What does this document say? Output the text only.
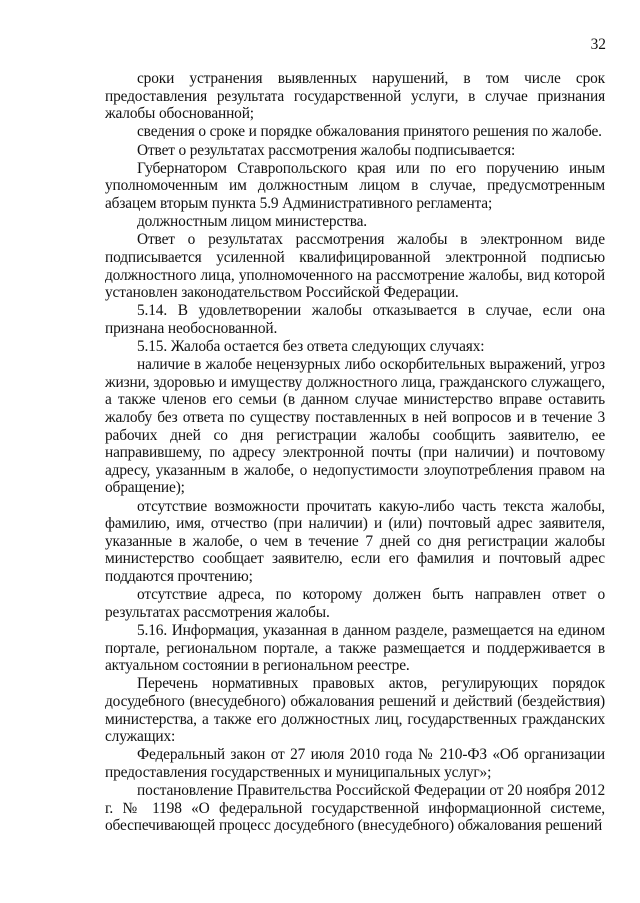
32

сроки устранения выявленных нарушений, в том числе срок предоставления результата государственной услуги, в случае признания жалобы обоснованной;

сведения о сроке и порядке обжалования принятого решения по жалобе.

Ответ о результатах рассмотрения жалобы подписывается:

Губернатором Ставропольского края или по его поручению иным уполномоченным им должностным лицом в случае, предусмотренным абзацем вторым пункта 5.9 Административного регламента;

должностным лицом министерства.

Ответ о результатах рассмотрения жалобы в электронном виде подписывается усиленной квалифицированной электронной подписью должностного лица, уполномоченного на рассмотрение жалобы, вид которой установлен законодательством Российской Федерации.

5.14. В удовлетворении жалобы отказывается в случае, если она признана необоснованной.

5.15. Жалоба остается без ответа следующих случаях:

наличие в жалобе нецензурных либо оскорбительных выражений, угроз жизни, здоровью и имуществу должностного лица, гражданского служащего, а также членов его семьи (в данном случае министерство вправе оставить жалобу без ответа по существу поставленных в ней вопросов и в течение 3 рабочих дней со дня регистрации жалобы сообщить заявителю, ее направившему, по адресу электронной почты (при наличии) и почтовому адресу, указанным в жалобе, о недопустимости злоупотребления правом на обращение);

отсутствие возможности прочитать какую-либо часть текста жалобы, фамилию, имя, отчество (при наличии) и (или) почтовый адрес заявителя, указанные в жалобе, о чем в течение 7 дней со дня регистрации жалобы министерство сообщает заявителю, если его фамилия и почтовый адрес поддаются прочтению;

отсутствие адреса, по которому должен быть направлен ответ о результатах рассмотрения жалобы.

5.16. Информация, указанная в данном разделе, размещается на едином портале, региональном портале, а также размещается и поддерживается в актуальном состоянии в региональном реестре.

Перечень нормативных правовых актов, регулирующих порядок досудебного (внесудебного) обжалования решений и действий (бездействия) министерства, а также его должностных лиц, государственных гражданских служащих:

Федеральный закон от 27 июля 2010 года № 210-ФЗ «Об организации предоставления государственных и муниципальных услуг»;

постановление Правительства Российской Федерации от 20 ноября 2012 г. № 1198 «О федеральной государственной информационной системе, обеспечивающей процесс досудебного (внесудебного) обжалования решений
